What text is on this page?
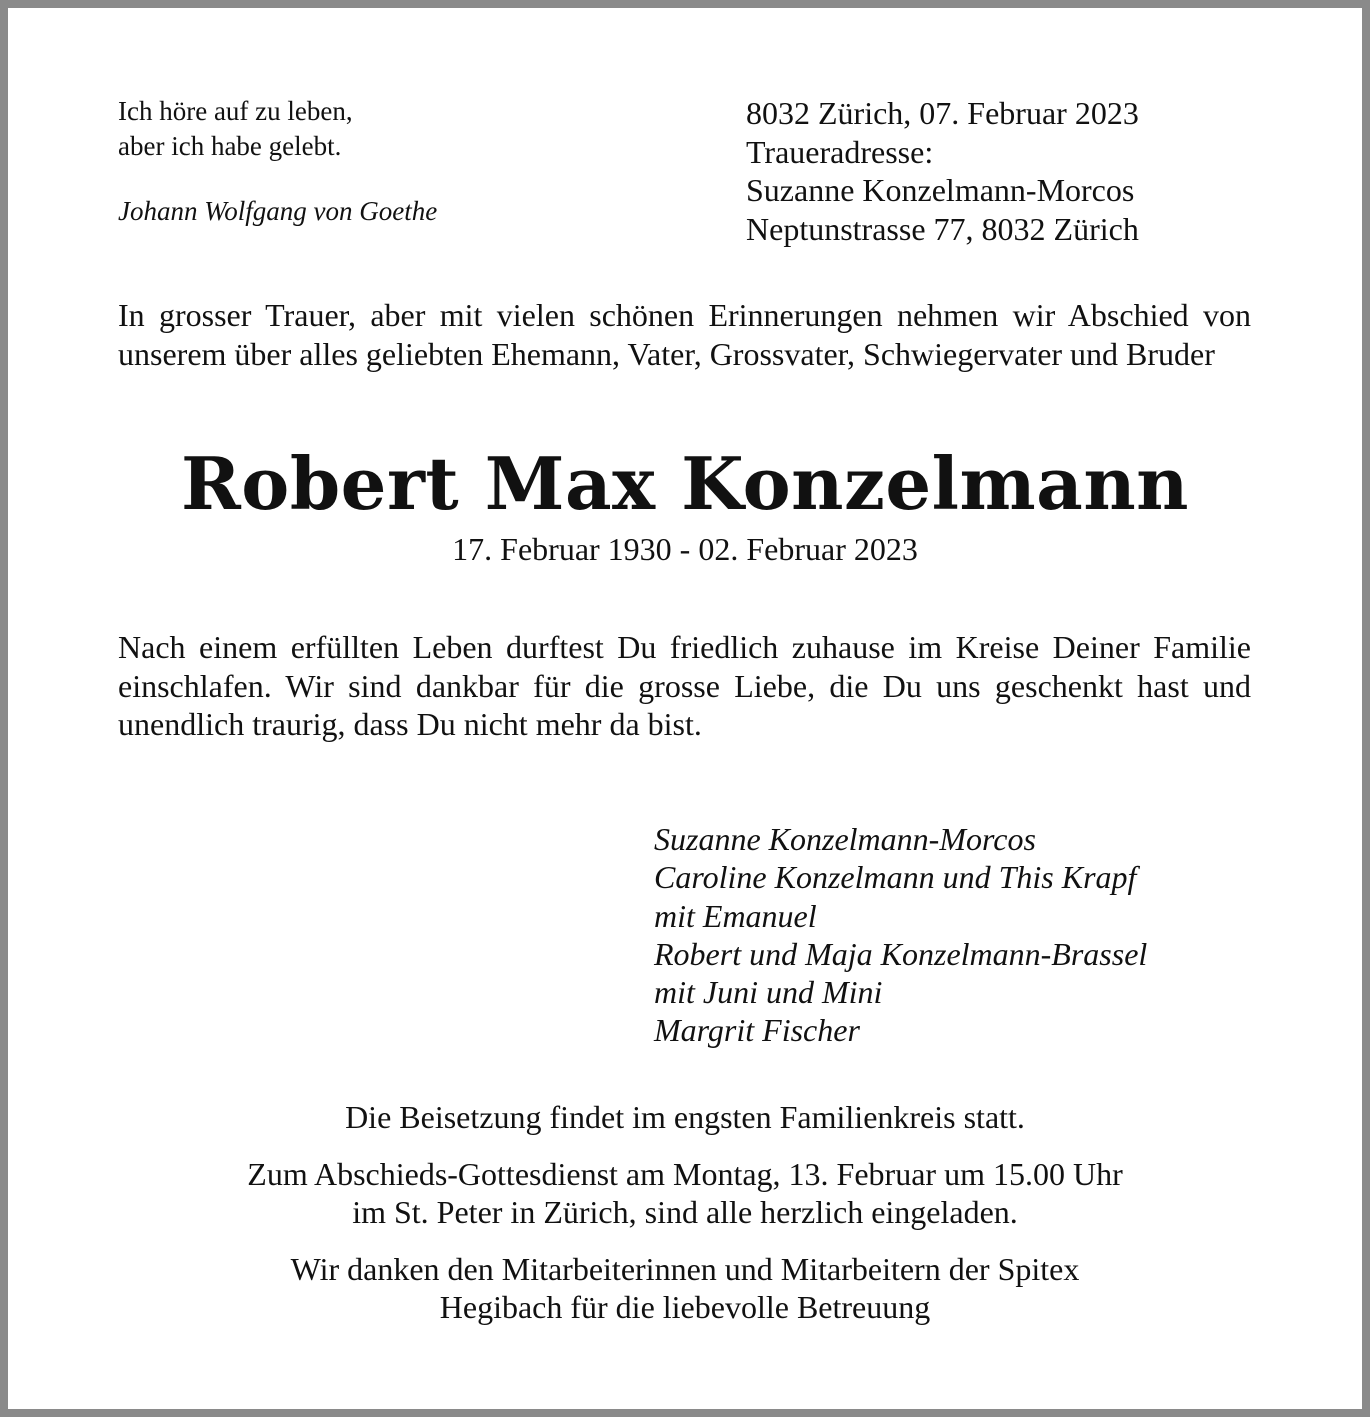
Ich höre auf zu leben,
aber ich habe gelebt.
Johann Wolfgang von Goethe
8032 Zürich, 07. Februar 2023
Traueradresse:
Suzanne Konzelmann-Morcos
Neptunstrasse 77, 8032 Zürich
In grosser Trauer, aber mit vielen schönen Erinnerungen nehmen wir Abschied von unserem über alles geliebten Ehemann, Vater, Grossvater, Schwiegervater und Bruder
Robert Max Konzelmann
17. Februar 1930 - 02. Februar 2023
Nach einem erfüllten Leben durftest Du friedlich zuhause im Kreise Deiner Familie einschlafen. Wir sind dankbar für die grosse Liebe, die Du uns geschenkt hast und unendlich traurig, dass Du nicht mehr da bist.
Suzanne Konzelmann-Morcos
Caroline Konzelmann und This Krapf
mit Emanuel
Robert und Maja Konzelmann-Brassel
mit Juni und Mini
Margrit Fischer

Die Beisetzung findet im engsten Familienkreis statt.

Zum Abschieds-Gottesdienst am Montag, 13. Februar um 15.00 Uhr
im St. Peter in Zürich, sind alle herzlich eingeladen.

Wir danken den Mitarbeiterinnen und Mitarbeitern der Spitex
Hegibach für die liebevolle Betreuung
